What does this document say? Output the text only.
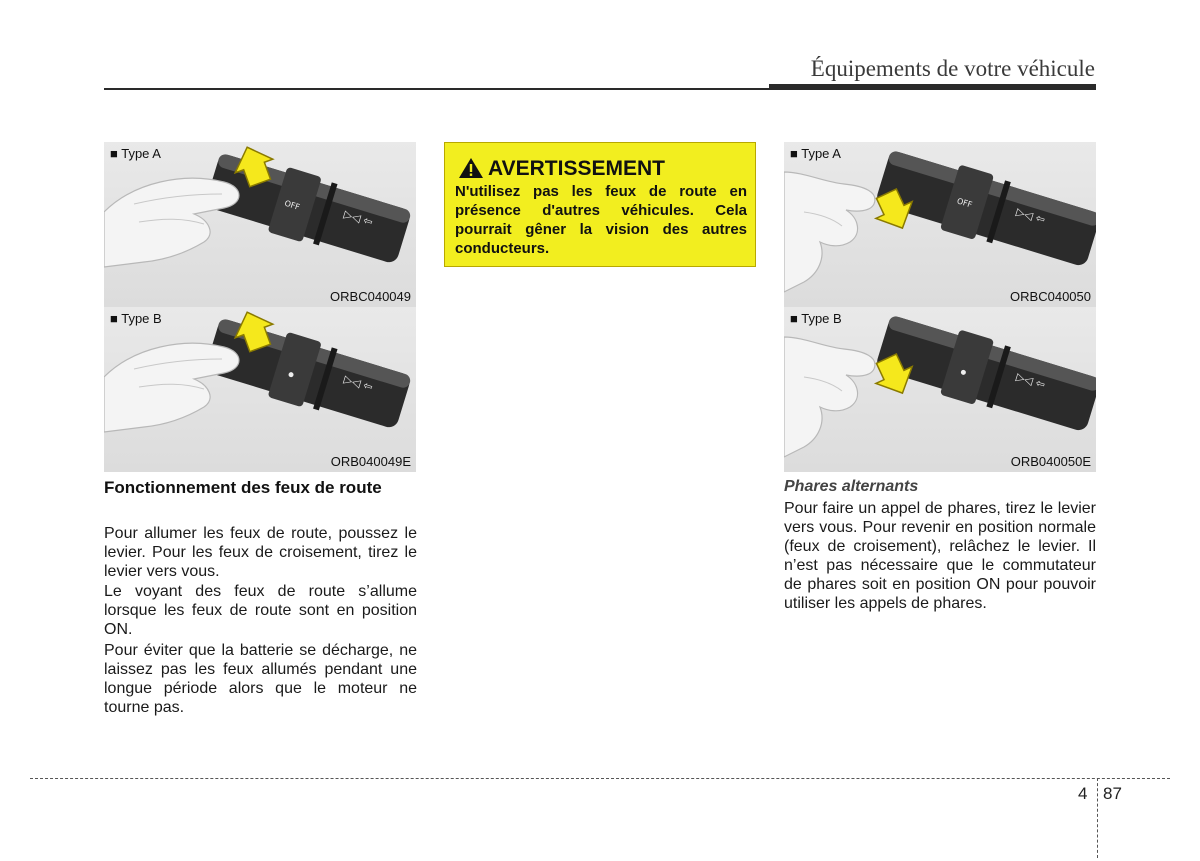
Équipements de votre véhicule
▷◁ ⇦
OFF
■ Type A
ORBC040049
▷◁ ⇦
■ Type B
ORB040049E
Fonctionnement des feux de route

Pour allumer les feux de route, poussez le levier. Pour les feux de croisement, tirez le levier vers vous.

Le voyant des feux de route s’allume lorsque les feux de route sont en position ON.

Pour éviter que la batterie se décharge, ne laissez pas les feux allumés pendant une longue période alors que le moteur ne tourne pas.

AVERTISSEMENT

N'utilisez pas les feux de route en présence d'autres véhicules. Cela pourrait gêner la vision des autres conducteurs.

▷◁ ⇦
OFF
■ Type A
ORBC040050
▷◁ ⇦
■ Type B
ORB040050E
Phares alternants

Pour faire un appel de phares, tirez le levier vers vous. Pour revenir en position normale (feux de croisement), relâchez le levier. Il n’est pas nécessaire que le commutateur de phares soit en position ON pour pouvoir utiliser les appels de phares.

4 87
